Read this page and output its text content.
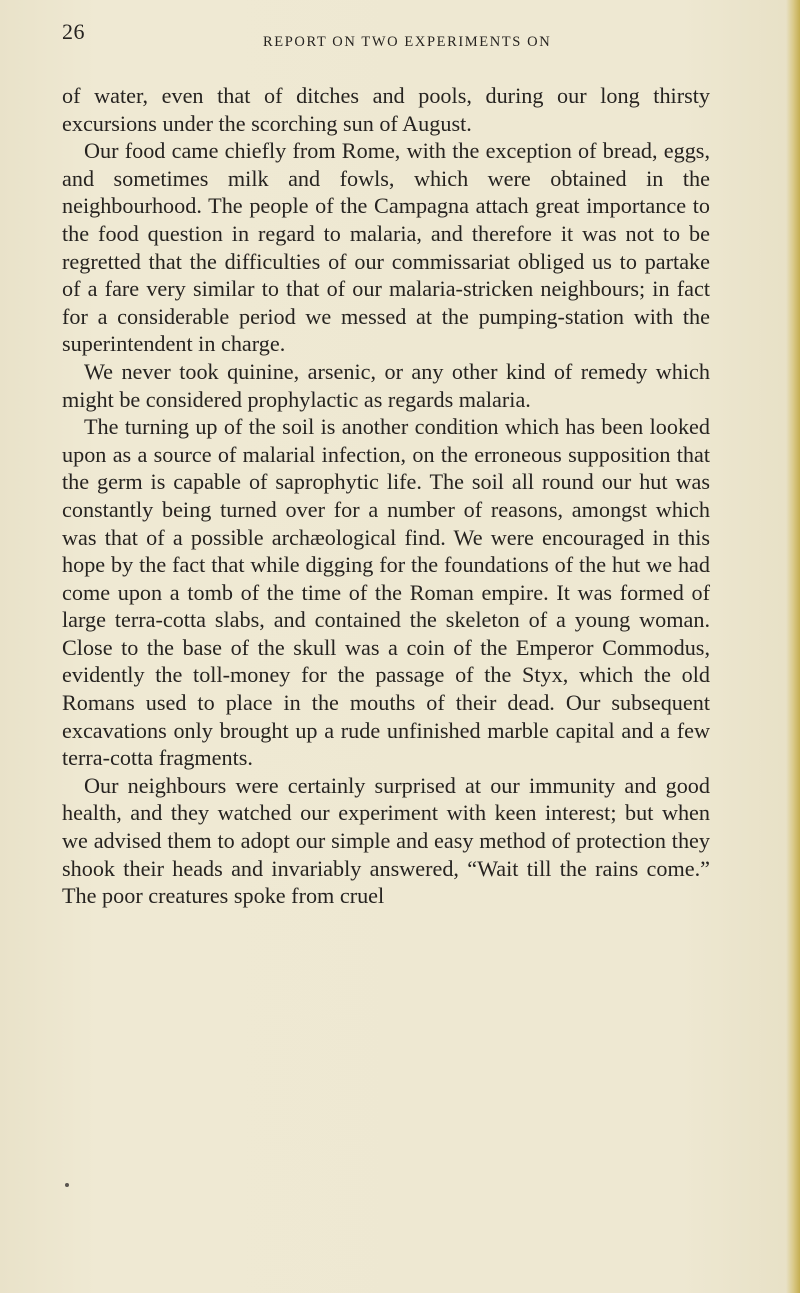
26	REPORT ON TWO EXPERIMENTS ON

of water, even that of ditches and pools, during our long thirsty excursions under the scorching sun of August.

Our food came chiefly from Rome, with the exception of bread, eggs, and sometimes milk and fowls, which were obtained in the neighbourhood. The people of the Campagna attach great importance to the food question in regard to malaria, and therefore it was not to be regretted that the difficulties of our commissariat obliged us to partake of a fare very similar to that of our malaria-stricken neighbours; in fact for a considerable period we messed at the pumping-station with the superintendent in charge.

We never took quinine, arsenic, or any other kind of remedy which might be considered prophylactic as regards malaria.

The turning up of the soil is another condition which has been looked upon as a source of malarial infection, on the erroneous supposition that the germ is capable of saprophytic life. The soil all round our hut was constantly being turned over for a number of reasons, amongst which was that of a possible archæological find. We were encouraged in this hope by the fact that while digging for the foundations of the hut we had come upon a tomb of the time of the Roman empire. It was formed of large terra-cotta slabs, and contained the skeleton of a young woman. Close to the base of the skull was a coin of the Emperor Commodus, evidently the toll-money for the passage of the Styx, which the old Romans used to place in the mouths of their dead. Our subsequent excavations only brought up a rude unfinished marble capital and a few terra-cotta fragments.

Our neighbours were certainly surprised at our immunity and good health, and they watched our experiment with keen interest; but when we advised them to adopt our simple and easy method of protection they shook their heads and invariably answered, “Wait till the rains come.” The poor creatures spoke from cruel
